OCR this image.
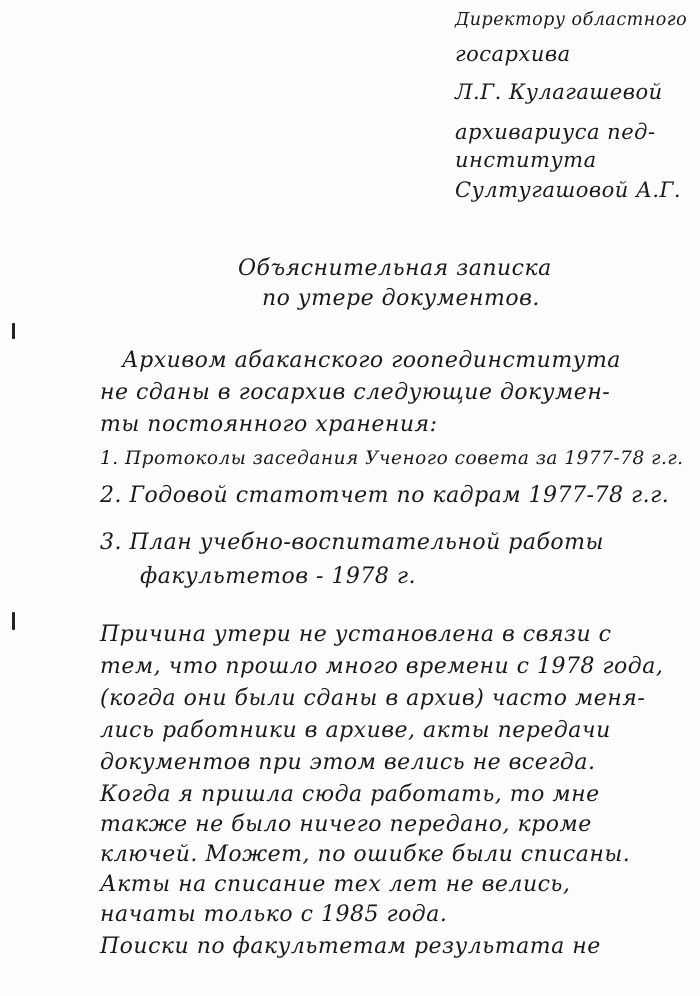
Директору областного
госархива
Л.Г. Кулагашевой
архивариуса пед-
института
Султугашовой А.Г.
Объяснительная записка
по утере документов.
Архивом абаканского гоопединститута
не сданы в госархив следующие докумен-
ты постоянного хранения:
1. Протоколы заседания Ученого совета за 1977-78 г.г.
2. Годовой статотчет по кадрам 1977-78 г.г.
3. План учебно-воспитательной работы
факультетов - 1978 г.
Причина утери не установлена в связи с
тем, что прошло много времени с 1978 года,
(когда они были сданы в архив) часто меня-
лись работники в архиве, акты передачи
документов при этом велись не всегда.
Когда я пришла сюда работать, то мне
также не было ничего передано, кроме
ключей. Может, по ошибке были списаны.
Акты на списание тех лет не велись,
начаты только с 1985 года.
Поиски по факультетам результата не
